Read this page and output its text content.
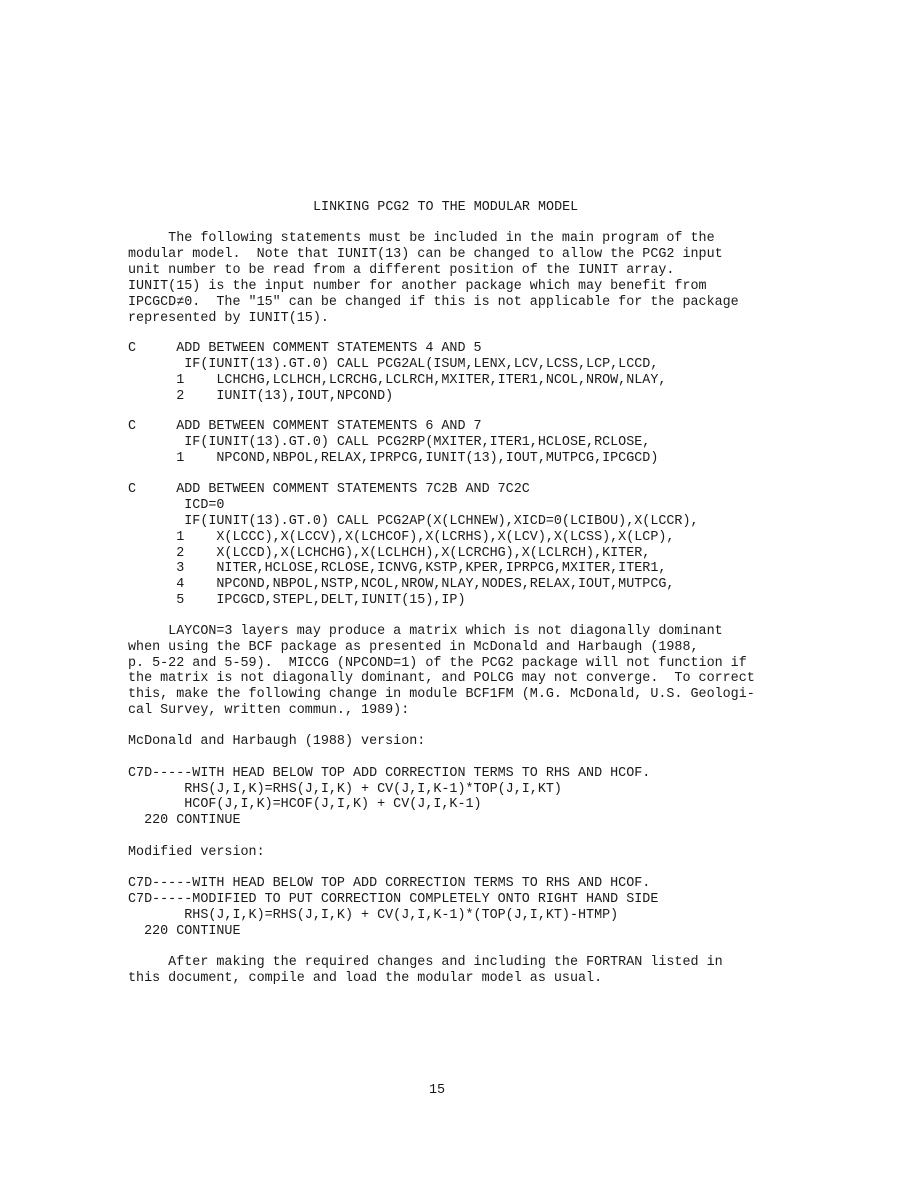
LINKING PCG2 TO THE MODULAR MODEL

The following statements must be included in the main program of the

modular model.  Note that IUNIT(13) can be changed to allow the PCG2 input

unit number to be read from a different position of the IUNIT array.

IUNIT(15) is the input number for another package which may benefit from

IPCGCD≠0.  The "15" can be changed if this is not applicable for the package

represented by IUNIT(15).

C     ADD BETWEEN COMMENT STATEMENTS 4 AND 5

IF(IUNIT(13).GT.0) CALL PCG2AL(ISUM,LENX,LCV,LCSS,LCP,LCCD,

1    LCHCHG,LCLHCH,LCRCHG,LCLRCH,MXITER,ITER1,NCOL,NROW,NLAY,

2    IUNIT(13),IOUT,NPCOND)

C     ADD BETWEEN COMMENT STATEMENTS 6 AND 7

IF(IUNIT(13).GT.0) CALL PCG2RP(MXITER,ITER1,HCLOSE,RCLOSE,

1    NPCOND,NBPOL,RELAX,IPRPCG,IUNIT(13),IOUT,MUTPCG,IPCGCD)

C     ADD BETWEEN COMMENT STATEMENTS 7C2B AND 7C2C

ICD=0

IF(IUNIT(13).GT.0) CALL PCG2AP(X(LCHNEW),XICD=0(LCIBOU),X(LCCR),

1    X(LCCC),X(LCCV),X(LCHCOF),X(LCRHS),X(LCV),X(LCSS),X(LCP),

2    X(LCCD),X(LCHCHG),X(LCLHCH),X(LCRCHG),X(LCLRCH),KITER,

3    NITER,HCLOSE,RCLOSE,ICNVG,KSTP,KPER,IPRPCG,MXITER,ITER1,

4    NPCOND,NBPOL,NSTP,NCOL,NROW,NLAY,NODES,RELAX,IOUT,MUTPCG,

5    IPCGCD,STEPL,DELT,IUNIT(15),IP)

LAYCON=3 layers may produce a matrix which is not diagonally dominant

when using the BCF package as presented in McDonald and Harbaugh (1988,

p. 5-22 and 5-59).  MICCG (NPCOND=1) of the PCG2 package will not function if

the matrix is not diagonally dominant, and POLCG may not converge.  To correct

this, make the following change in module BCF1FM (M.G. McDonald, U.S. Geologi-

cal Survey, written commun., 1989):

McDonald and Harbaugh (1988) version:

C7D-----WITH HEAD BELOW TOP ADD CORRECTION TERMS TO RHS AND HCOF.

RHS(J,I,K)=RHS(J,I,K) + CV(J,I,K-1)*TOP(J,I,KT)

HCOF(J,I,K)=HCOF(J,I,K) + CV(J,I,K-1)

220 CONTINUE

Modified version:

C7D-----WITH HEAD BELOW TOP ADD CORRECTION TERMS TO RHS AND HCOF.

C7D-----MODIFIED TO PUT CORRECTION COMPLETELY ONTO RIGHT HAND SIDE

RHS(J,I,K)=RHS(J,I,K) + CV(J,I,K-1)*(TOP(J,I,KT)-HTMP)

220 CONTINUE

After making the required changes and including the FORTRAN listed in

this document, compile and load the modular model as usual.

15
